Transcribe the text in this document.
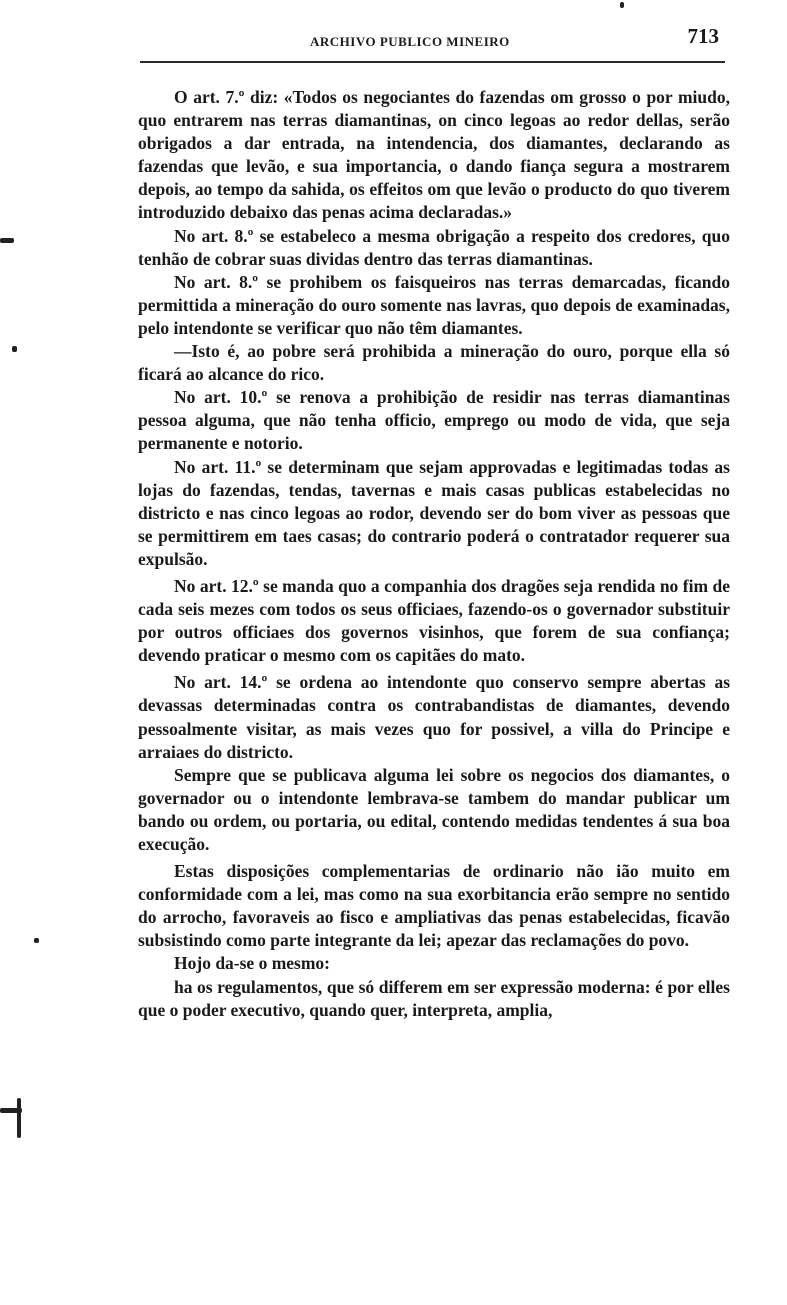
ARCHIVO PUBLICO MINEIRO	713

O art. 7.º diz: «Todos os negociantes do fazendas om grosso o por miudo, quo entrarem nas terras diamantinas, on cinco legoas ao redor dellas, serão obrigados a dar entrada, na intendencia, dos diamantes, declarando as fazendas que levão, e sua importancia, o dando fiança segura a mostrarem depois, ao tempo da sahida, os effeitos om que levão o producto do quo tiverem introduzido debaixo das penas acima declaradas.»

No art. 8.º se estabeleco a mesma obrigação a respeito dos credores, quo tenhão de cobrar suas dividas dentro das terras diamantinas.

No art. 8.º se prohibem os faisqueiros nas terras demarcadas, ficando permittida a mineração do ouro somente nas lavras, quo depois de examinadas, pelo intendonte se verificar quo não têm diamantes.

—Isto é, ao pobre será prohibida a mineração do ouro, porque ella só ficará ao alcance do rico.

No art. 10.º se renova a prohibição de residir nas terras diamantinas pessoa alguma, que não tenha officio, emprego ou modo de vida, que seja permanente e notorio.

No art. 11.º se determinam que sejam approvadas e legitimadas todas as lojas do fazendas, tendas, tavernas e mais casas publicas estabelecidas no districto e nas cinco legoas ao rodor, devendo ser do bom viver as pessoas que se permittirem em taes casas; do contrario poderá o contratador requerer sua expulsão.

No art. 12.º se manda quo a companhia dos dragões seja rendida no fim de cada seis mezes com todos os seus officiaes, fazendo-os o governador substituir por outros officiaes dos governos visinhos, que forem de sua confiança; devendo praticar o mesmo com os capitães do mato.

No art. 14.º se ordena ao intendonte quo conservo sempre abertas as devassas determinadas contra os contrabandistas de diamantes, devendo pessoalmente visitar, as mais vezes quo for possivel, a villa do Principe e arraiaes do districto.

Sempre que se publicava alguma lei sobre os negocios dos diamantes, o governador ou o intendonte lembrava-se tambem do mandar publicar um bando ou ordem, ou portaria, ou edital, contendo medidas tendentes á sua boa execução.

Estas disposições complementarias de ordinario não ião muito em conformidade com a lei, mas como na sua exorbitancia erão sempre no sentido do arrocho, favoraveis ao fisco e ampliativas das penas estabelecidas, ficavão subsistindo como parte integrante da lei; apezar das reclamações do povo.

Hojo da-se o mesmo:

ha os regulamentos, que só differem em ser expressão moderna: é por elles que o poder executivo, quando quer, interpreta, amplia,
